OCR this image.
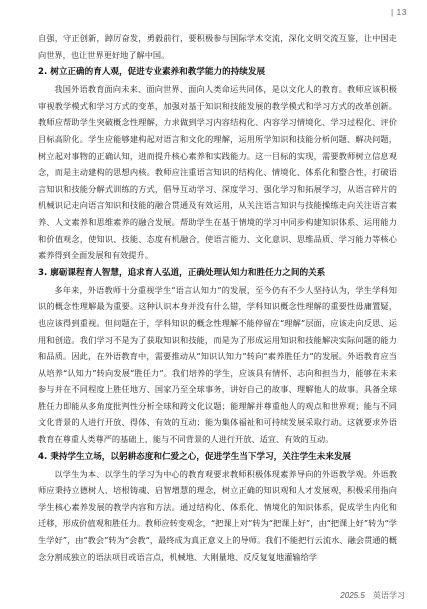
| 13

自强，守正创新，踔厉奋发，勇毅前行，要积极参与国际学术交流，深化文明交流互鉴，让中国走向世界，也让世界更好地了解中国。

2. 树立正确的育人观，促进专业素养和教学能力的持续发展

我国外语教育面向未来、面向世界、面向人类命运共同体，是以文化人的教育。教师应该积极审视教学模式和学习方式的变革，加强对基于知识和技能发展的教学模式和学习方式的改革创新。教师应帮助学生突破概念性理解，力求做到学习内容结构化、内容学习情境化、学习过程化、评价目标高阶化。学生应能够建构起对语言和文化的理解，运用所学知识和技能分析问题、解决问题，树立起对事物的正确认知，进而提升核心素养和实践能力。这一目标的实现，需要教师树立信息观念，而是主动建构的思想内核。教师应注重语言知识的结构化、情境化、体系化和整合性，打破语言知识和技能分解式训练的方式，倡导互动学习、深度学习、强化学习和拓展学习，从语言碎片的机械识记走向语言知识和技能的融合贯通及有效运用，从关注语言知识与技能操练走向关注语言素养、人文素养和思维素养的融合发展。帮助学生在基于情境的学习中同步构建知识体系、运用能力和价值观念，使知识、技能、态度有机融合，使语言能力、文化意识、思维品质、学习能力等核心素养得到全面发展和有效提升。

3. 廓砺课程育人智慧，追求育人弘道，正确处理认知力和胜任力之间的关系

多年来，外语教师十分重视学生“语言认知力”的发展，至今仍有不少人坚持认为，学生学科知识的概念性理解最为重要。这种认识本身并没有什么错，学科知识概念性理解的重要性毋庸置疑，也应该得到重视。但问题在于，学科知识的概念性理解不能停留在“理解”层面，应该走向反思、运用和创造。我们学习不是为了获取知识和技能，而是为了形成运用知识和技能解决实际问题的能力和品质。因此，在外语教育中，需要推动从“知识认知力”转向“素养胜任力”的发展。外语教育应当从培养“认知力”转向发展“胜任力”。我们培养的学生，应该具有情怀、志向和担当力，能够在未来参与并在不同程度上胜任地方、国家乃至全球事务，讲好自己的故事、理解他人的故事。具备全球胜任力即能从多角度批判性分析全球和跨文化议题；能理解并尊重他人的观点和世界观；能与不同文化背景的人进行开放、得体、有效的互动；能为集体福祉和可持续发展采取行动。这就要求外语教育在尊重人类尊严的基础上，能与不同背景的人进行开放、适宜、有效的互动。

4. 秉持学生立场，以躬耕态度和仁爱之心，促进学生当下学习，关注学生未来发展

以学生为本、以学生的学习为中心的教育观要求教师积极体现素养导向的外语教学观。外语教师应秉持立德树人、培根铸魂、启智增慧的理念，树立正确的知识观和人才发展观，积极采用指向学生核心素养发展的教学内容和方法。通过结构化、体系化、情境化的知识体系，促成学生内化和迁移，形成价值观和胜任力。教师应转变观念，“把课上对”转为“把课上好”，由“把课上好”转为“学生学好”，由“教会”转为“会教”，最终成为真正意义上的导师。我们不能把行云流水、融会贯通的概念分割成独立的语法项目或语言点，机械地、大刚量地、反反复复地灌输给学

2025.5 英语学习
